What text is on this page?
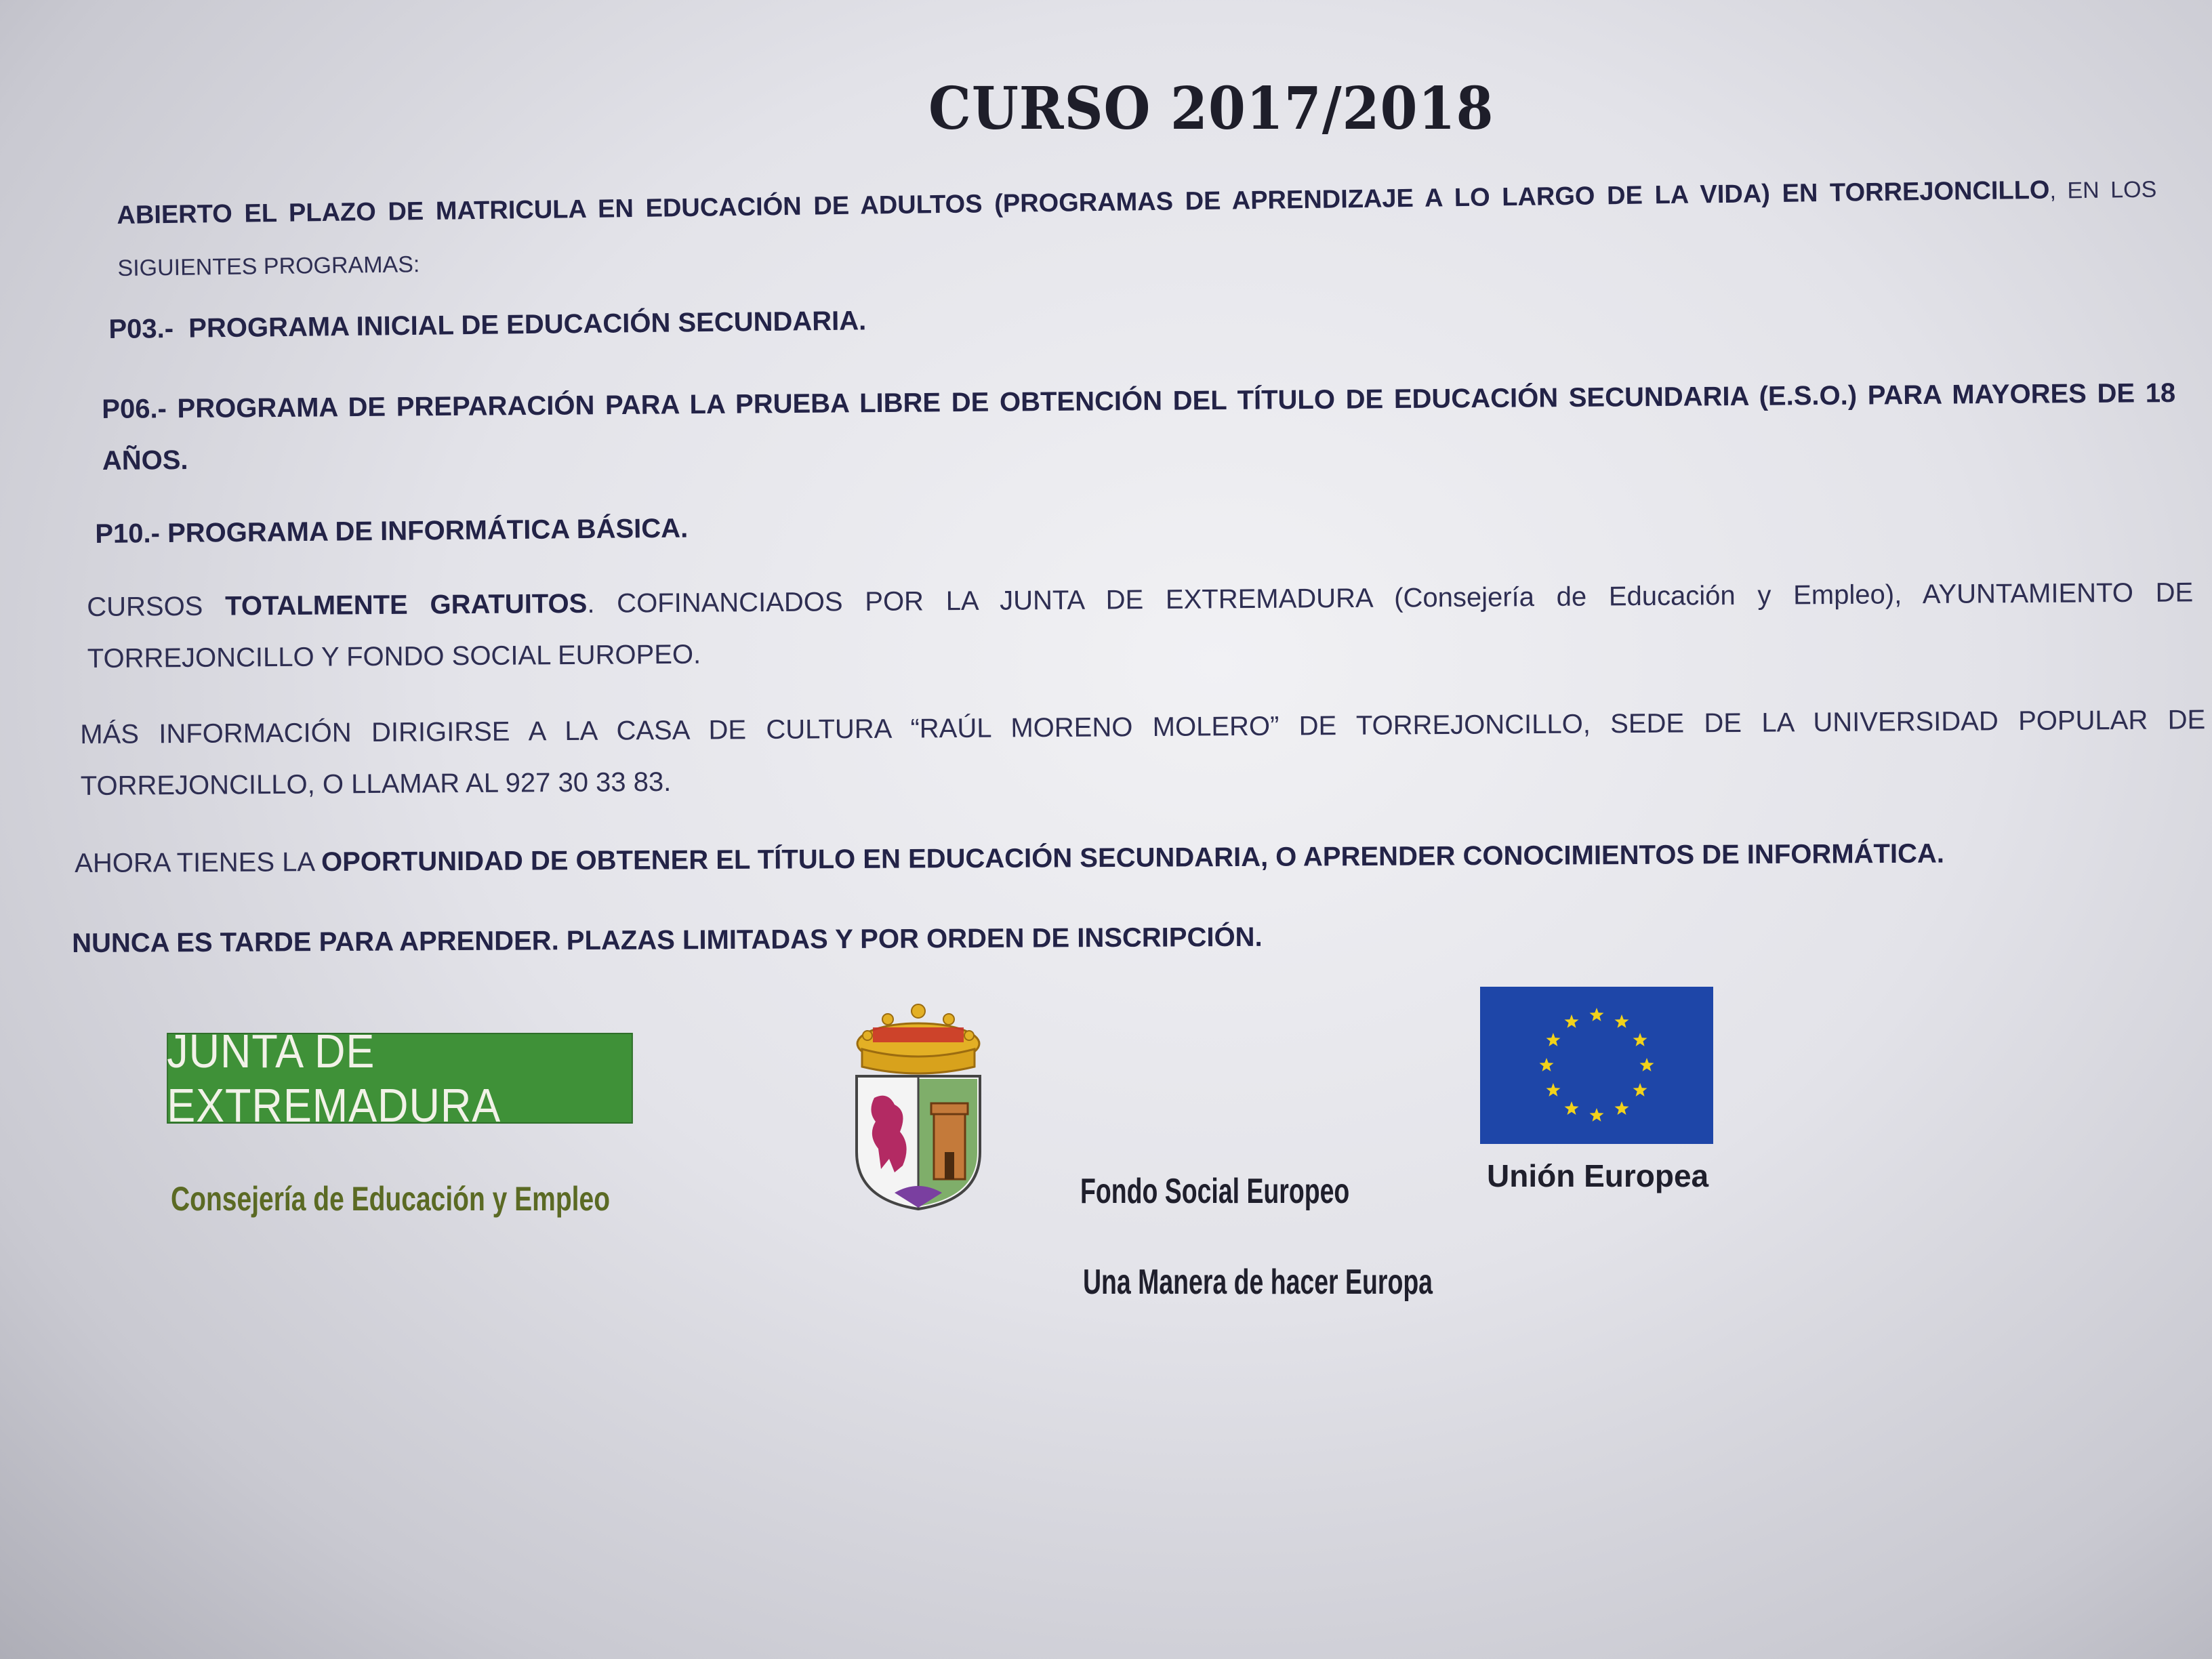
CURSO 2017/2018
ABIERTO EL PLAZO DE MATRICULA EN EDUCACIÓN DE ADULTOS (PROGRAMAS DE APRENDIZAJE A LO LARGO DE LA VIDA) EN TORREJONCILLO, EN LOS SIGUIENTES PROGRAMAS:
P03.- PROGRAMA INICIAL DE EDUCACIÓN SECUNDARIA.
P06.- PROGRAMA DE PREPARACIÓN PARA LA PRUEBA LIBRE DE OBTENCIÓN DEL TÍTULO DE EDUCACIÓN SECUNDARIA (E.S.O.) PARA MAYORES DE 18 AÑOS.
P10.- PROGRAMA DE INFORMÁTICA BÁSICA.
CURSOS TOTALMENTE GRATUITOS. COFINANCIADOS POR LA JUNTA DE EXTREMADURA (Consejería de Educación y Empleo), AYUNTAMIENTO DE TORREJONCILLO Y FONDO SOCIAL EUROPEO.
MÁS INFORMACIÓN DIRIGIRSE A LA CASA DE CULTURA “RAÚL MORENO MOLERO” DE TORREJONCILLO, SEDE DE LA UNIVERSIDAD POPULAR DE TORREJONCILLO, O LLAMAR AL 927 30 33 83.
AHORA TIENES LA OPORTUNIDAD DE OBTENER EL TÍTULO EN EDUCACIÓN SECUNDARIA, O APRENDER CONOCIMIENTOS DE INFORMÁTICA.
NUNCA ES TARDE PARA APRENDER. PLAZAS LIMITADAS Y POR ORDEN DE INSCRIPCIÓN.
JUNTA DE EXTREMADURA
Consejería de Educación y Empleo	Fondo Social Europeo
Una Manera de hacer Europa
Unión Europea
